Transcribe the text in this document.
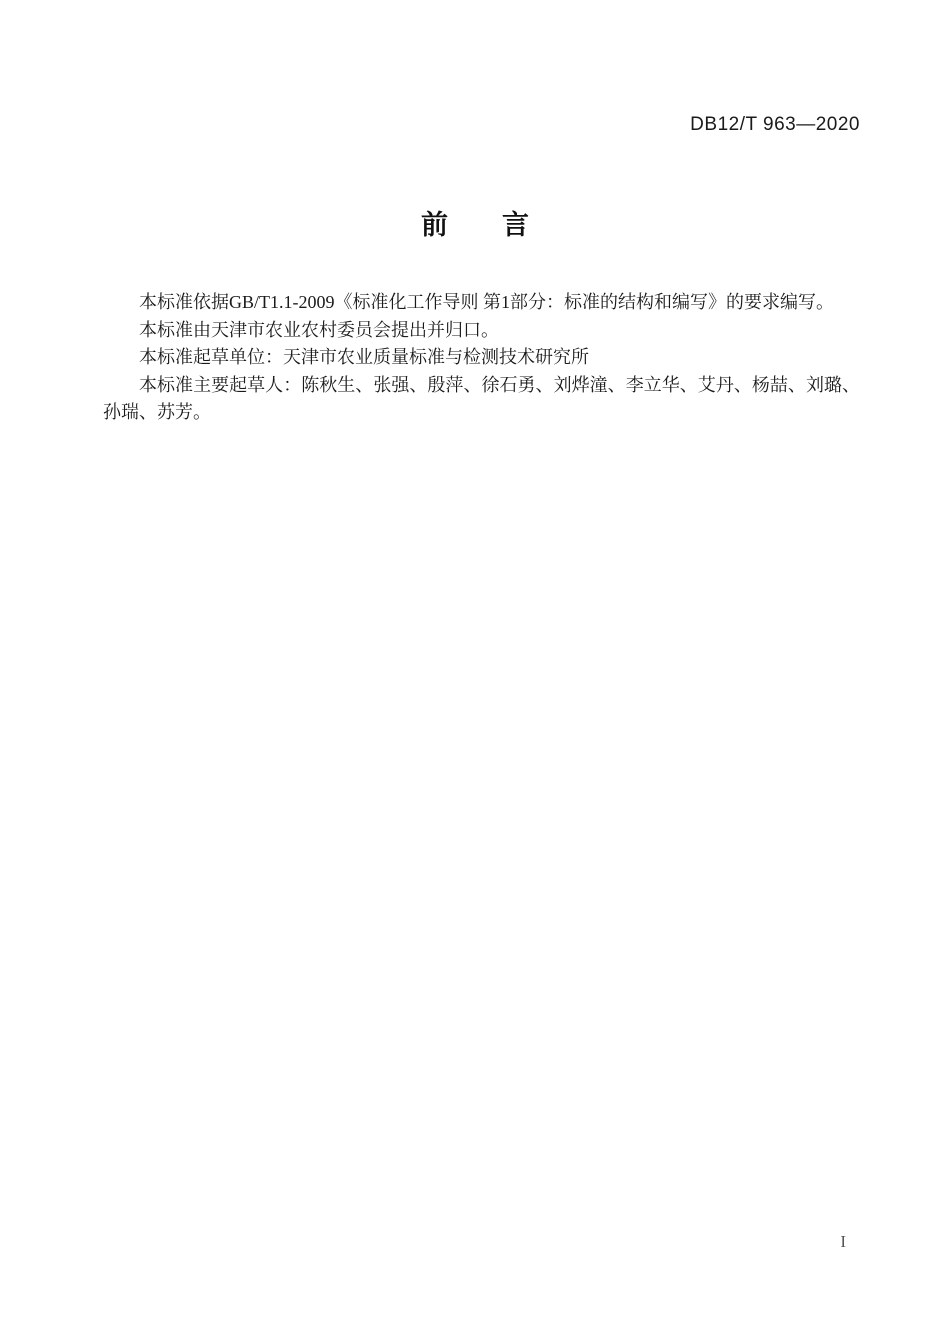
DB12/T 963—2020
前　　言

本标准依据GB/T1.1-2009《标准化工作导则 第1部分：标准的结构和编写》的要求编写。

本标准由天津市农业农村委员会提出并归口。

本标准起草单位：天津市农业质量标准与检测技术研究所

本标准主要起草人：陈秋生、张强、殷萍、徐石勇、刘烨潼、李立华、艾丹、杨喆、刘璐、孙瑞、苏芳。

I
